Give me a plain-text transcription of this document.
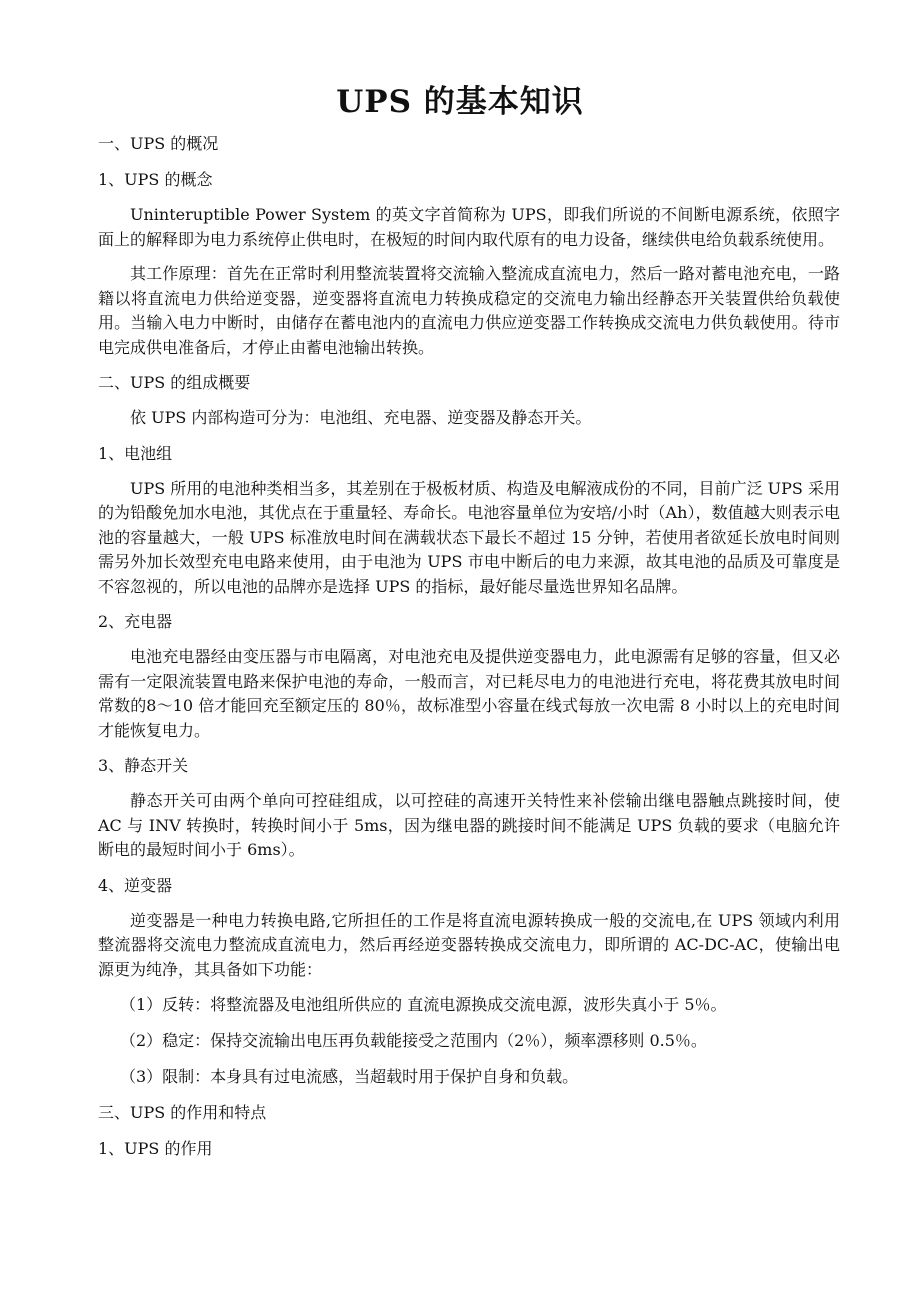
UPS 的基本知识
一、UPS 的概况
1、UPS 的概念
Uninteruptible Power System 的英文字首简称为 UPS，即我们所说的不间断电源系统，依照字面上的解释即为电力系统停止供电时，在极短的时间内取代原有的电力设备，继续供电给负载系统使用。
其工作原理：首先在正常时利用整流装置将交流输入整流成直流电力，然后一路对蓄电池充电，一路籍以将直流电力供给逆变器，逆变器将直流电力转换成稳定的交流电力输出经静态开关装置供给负载使用。当输入电力中断时，由储存在蓄电池内的直流电力供应逆变器工作转换成交流电力供负载使用。待市电完成供电准备后，才停止由蓄电池输出转换。
二、UPS 的组成概要
依 UPS 内部构造可分为：电池组、充电器、逆变器及静态开关。
1、电池组
UPS 所用的电池种类相当多，其差别在于极板材质、构造及电解液成份的不同，目前广泛 UPS 采用的为铅酸免加水电池，其优点在于重量轻、寿命长。电池容量单位为安培/小时（Ah），数值越大则表示电池的容量越大，一般 UPS 标准放电时间在满载状态下最长不超过 15 分钟，若使用者欲延长放电时间则需另外加长效型充电电路来使用，由于电池为 UPS 市电中断后的电力来源，故其电池的品质及可靠度是不容忽视的，所以电池的品牌亦是选择 UPS 的指标，最好能尽量选世界知名品牌。
2、充电器
电池充电器经由变压器与市电隔离，对电池充电及提供逆变器电力，此电源需有足够的容量，但又必需有一定限流装置电路来保护电池的寿命，一般而言，对已耗尽电力的电池进行充电，将花费其放电时间常数的8～10 倍才能回充至额定压的 80％，故标准型小容量在线式每放一次电需 8 小时以上的充电时间才能恢复电力。
3、静态开关
静态开关可由两个单向可控硅组成，以可控硅的高速开关特性来补偿输出继电器触点跳接时间，使 AC 与 INV 转换时，转换时间小于 5ms，因为继电器的跳接时间不能满足 UPS 负载的要求（电脑允许断电的最短时间小于 6ms）。
4、逆变器
逆变器是一种电力转换电路,它所担任的工作是将直流电源转换成一般的交流电,在 UPS 领域内利用整流器将交流电力整流成直流电力，然后再经逆变器转换成交流电力，即所谓的 AC-DC-AC，使输出电源更为纯净，其具备如下功能：
（1）反转：将整流器及电池组所供应的 直流电源换成交流电源，波形失真小于 5％。
（2）稳定：保持交流输出电压再负载能接受之范围内（2％），频率漂移则 0.5％。
（3）限制：本身具有过电流感，当超载时用于保护自身和负载。
三、UPS 的作用和特点
1、UPS 的作用
